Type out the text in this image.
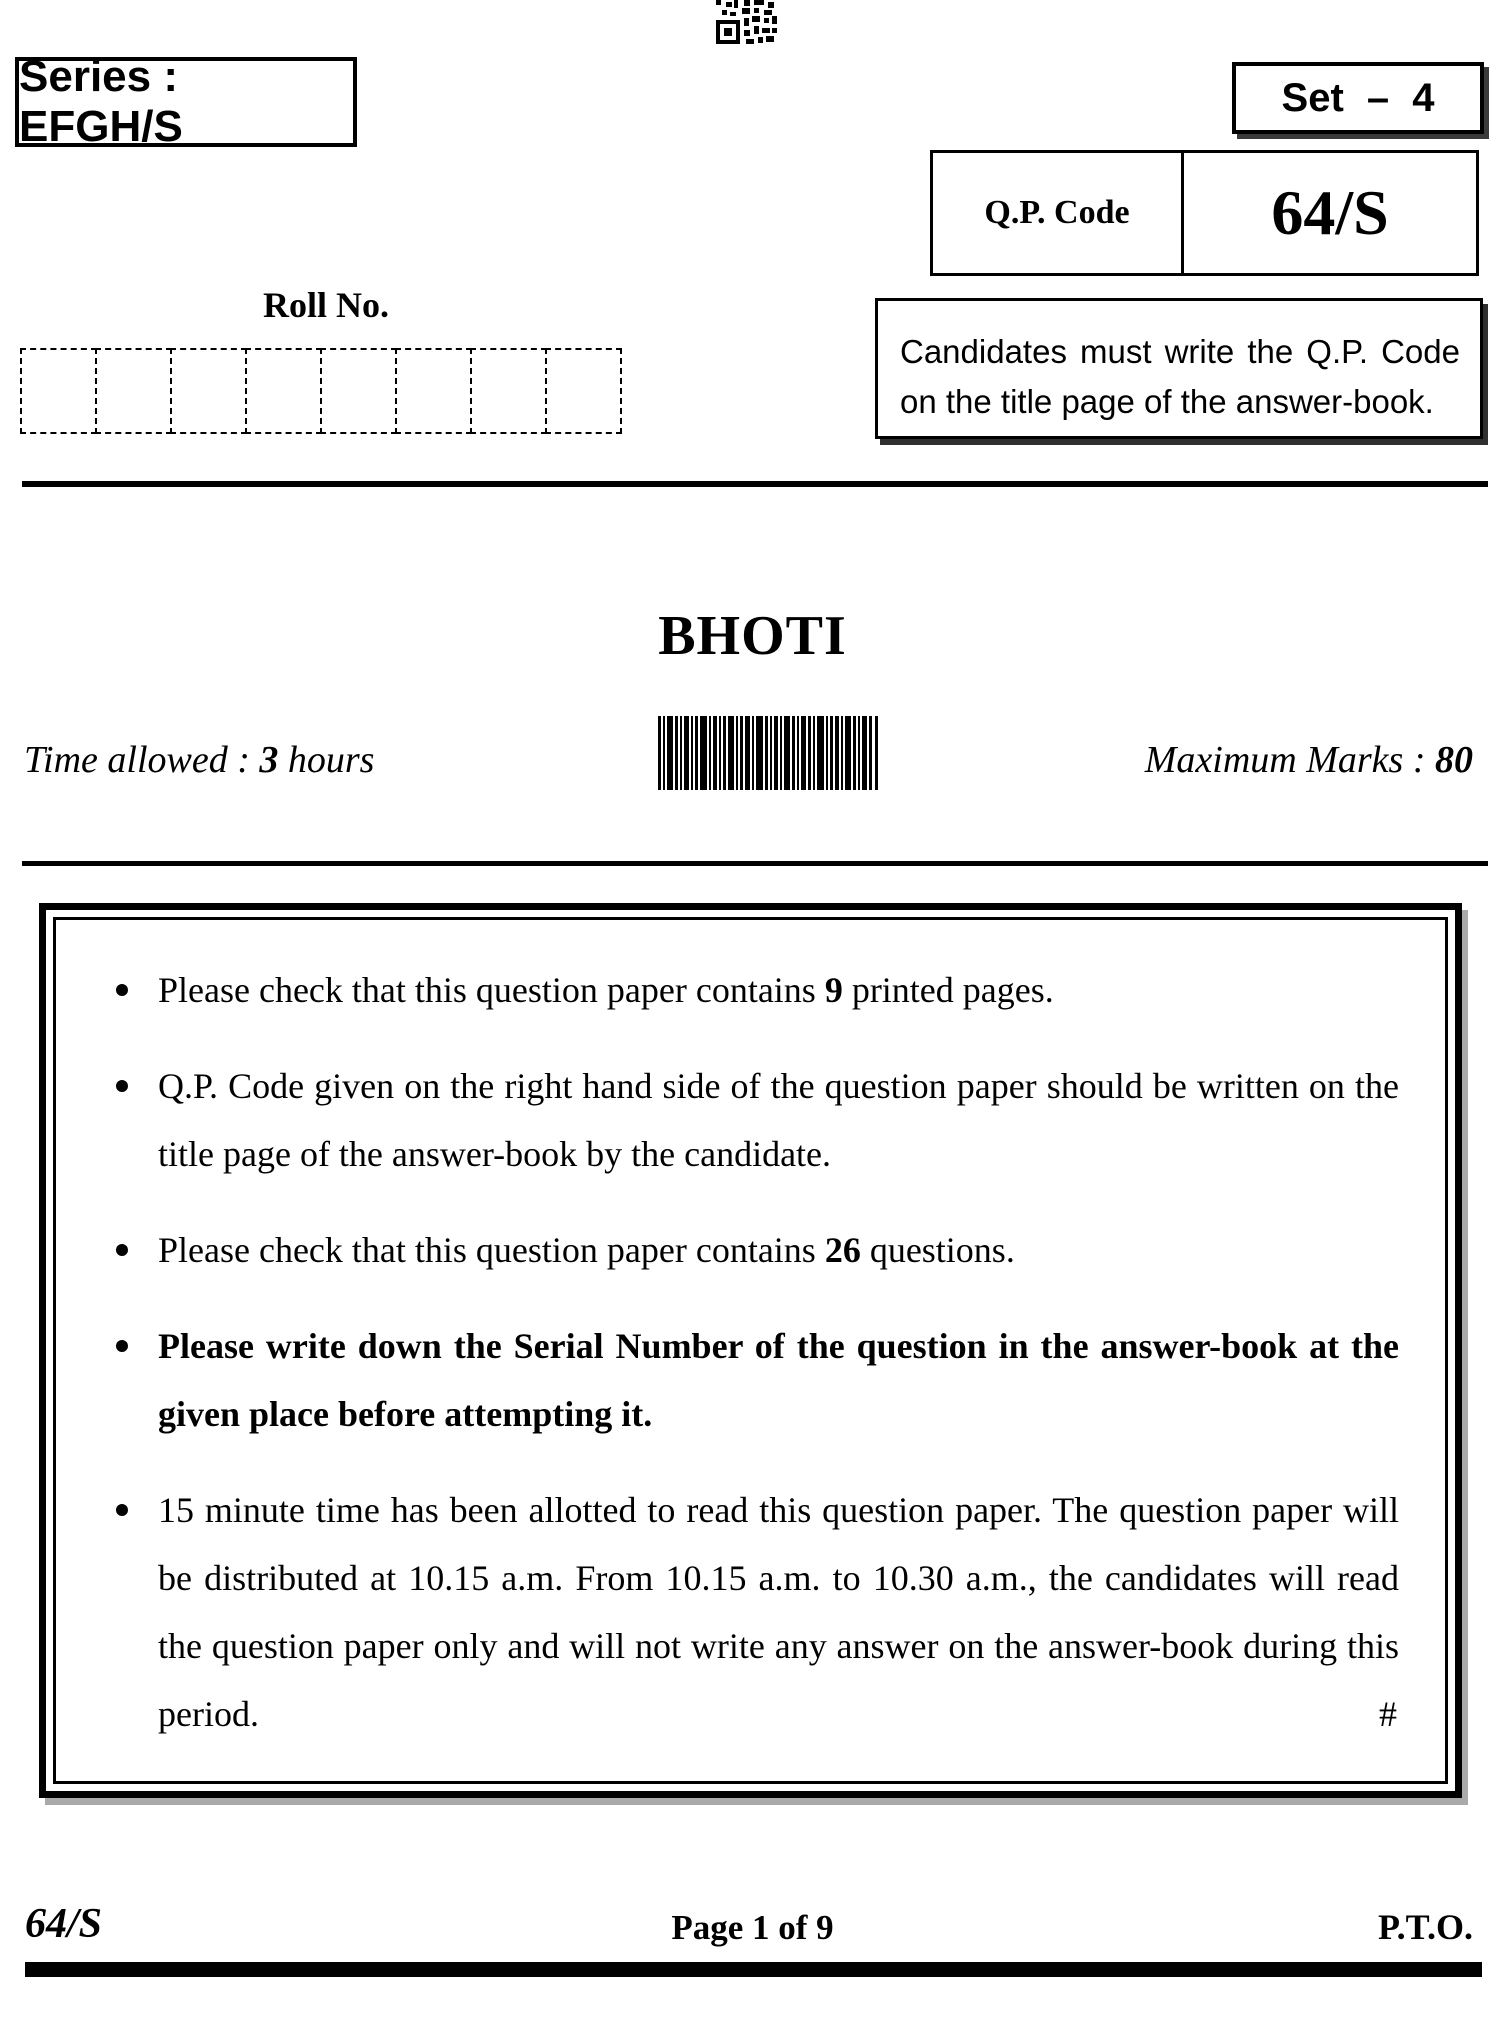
Series : EFGH/S
Set – 4
Q.P. Code	64/S
Roll No.
Candidates must write the Q.P. Code on the title page of the answer-book.
BHOTI
Time allowed : 3 hours	Maximum Marks : 80
Please check that this question paper contains 9 printed pages.
Q.P. Code given on the right hand side of the question paper should be written on the title page of the answer-book by the candidate.
Please check that this question paper contains 26 questions.
Please write down the Serial Number of the question in the answer-book at the given place before attempting it.
15 minute time has been allotted to read this question paper. The question paper will be distributed at 10.15 a.m. From 10.15 a.m. to 10.30 a.m., the candidates will read the question paper only and will not write any answer on the answer-book during this period.	#
64/S	Page 1 of 9	P.T.O.
